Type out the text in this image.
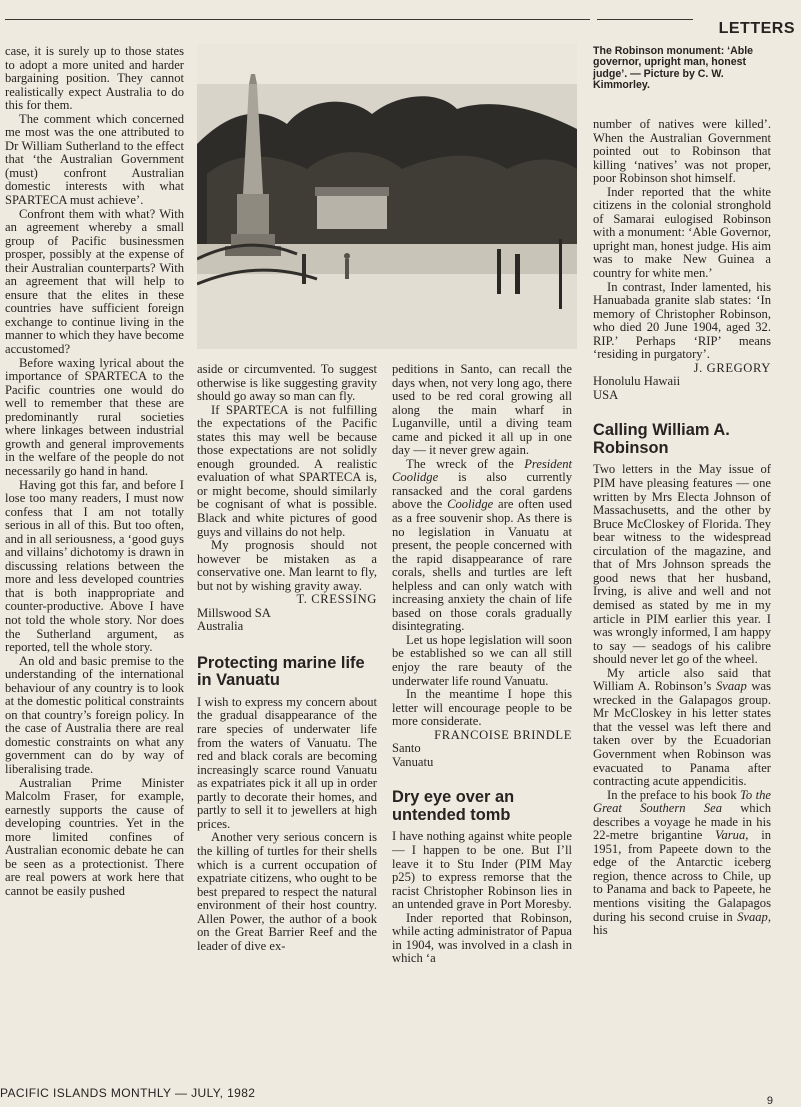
LETTERS

case, it is surely up to those states to adopt a more united and harder bargaining position. They cannot realistically expect Australia to do this for them.

The comment which concerned me most was the one attributed to Dr William Sutherland to the effect that ‘the Australian Government (must) confront Australian domestic interests with what SPARTECA must achieve’.

Confront them with what? With an agreement whereby a small group of Pacific businessmen prosper, possibly at the expense of their Australian counterparts? With an agreement that will help to ensure that the elites in these countries have sufficient foreign exchange to continue living in the manner to which they have become accustomed?

Before waxing lyrical about the importance of SPARTECA to the Pacific countries one would do well to remember that these are predominantly rural societies where linkages between industrial growth and general improvements in the welfare of the people do not necessarily go hand in hand.

Having got this far, and before I lose too many readers, I must now confess that I am not totally serious in all of this. But too often, and in all seriousness, a ‘good guys and villains’ dichotomy is drawn in discussing relations between the more and less developed countries that is both inappropriate and counter-productive. Above I have not told the whole story. Nor does the Sutherland argument, as reported, tell the whole story.

An old and basic premise to the understanding of the international behaviour of any country is to look at the domestic political constraints on that country’s foreign policy. In the case of Australia there are real domestic constraints on what any government can do by way of liberalising trade.

Australian Prime Minister Malcolm Fraser, for example, earnestly supports the cause of developing countries. Yet in the more limited confines of Australian economic debate he can be seen as a protectionist. There are real powers at work here that cannot be easily pushed

The Robinson monument: ‘Able governor, upright man, honest judge’. — Picture by C. W. Kimmorley.

aside or circumvented. To suggest otherwise is like suggesting gravity should go away so man can fly.

If SPARTECA is not fulfilling the expectations of the Pacific states this may well be because those expectations are not solidly enough grounded. A realistic evaluation of what SPARTECA is, or might become, should similarly be cognisant of what is possible. Black and white pictures of good guys and villains do not help.

My prognosis should not however be mistaken as a conservative one. Man learnt to fly, but not by wishing gravity away.

T. CRESSING

Millswood SA

Australia

Protecting marine life in Vanuatu

I wish to express my concern about the gradual disappearance of the rare species of underwater life from the waters of Vanuatu. The red and black corals are becoming increasingly scarce round Vanuatu as expatriates pick it all up in order partly to decorate their homes, and partly to sell it to jewellers at high prices.

Another very serious concern is the killing of turtles for their shells which is a current occupation of expatriate citizens, who ought to be best prepared to respect the natural environment of their host country. Allen Power, the author of a book on the Great Barrier Reef and the leader of dive ex-

peditions in Santo, can recall the days when, not very long ago, there used to be red coral growing all along the main wharf in Luganville, until a diving team came and picked it all up in one day — it never grew again.

The wreck of the President Coolidge is also currently ransacked and the coral gardens above the Coolidge are often used as a free souvenir shop. As there is no legislation in Vanuatu at present, the people concerned with the rapid disappearance of rare corals, shells and turtles are left helpless and can only watch with increasing anxiety the chain of life based on those corals gradually disintegrating.

Let us hope legislation will soon be established so we can all still enjoy the rare beauty of the underwater life round Vanuatu.

In the meantime I hope this letter will encourage people to be more considerate.

FRANCOISE BRINDLE

Santo

Vanuatu

Dry eye over an untended tomb

I have nothing against white people — I happen to be one. But I’ll leave it to Stu Inder (PIM May p25) to express remorse that the racist Christopher Robinson lies in an untended grave in Port Moresby.

Inder reported that Robinson, while acting administrator of Papua in 1904, was involved in a clash in which ‘a

number of natives were killed’. When the Australian Government pointed out to Robinson that killing ‘natives’ was not proper, poor Robinson shot himself.

Inder reported that the white citizens in the colonial stronghold of Samarai eulogised Robinson with a monument: ‘Able Governor, upright man, honest judge. His aim was to make New Guinea a country for white men.’

In contrast, Inder lamented, his Hanuabada granite slab states: ‘In memory of Christopher Robinson, who died 20 June 1904, aged 32. RIP.’ Perhaps ‘RIP’ means ‘residing in purgatory’.

J. GREGORY

Honolulu Hawaii

USA

Calling William A. Robinson

Two letters in the May issue of PIM have pleasing features — one written by Mrs Electa Johnson of Massachusetts, and the other by Bruce McCloskey of Florida. They bear witness to the widespread circulation of the magazine, and that of Mrs Johnson spreads the good news that her husband, Irving, is alive and well and not demised as stated by me in my article in PIM earlier this year. I was wrongly informed, I am happy to say — seadogs of his calibre should never let go of the wheel.

My article also said that William A. Robinson’s Svaap was wrecked in the Galapagos group. Mr McCloskey in his letter states that the vessel was left there and taken over by the Ecuadorian Government when Robinson was evacuated to Panama after contracting acute appendicitis.

In the preface to his book To the Great Southern Sea which describes a voyage he made in his 22-metre brigantine Varua, in 1951, from Papeete down to the edge of the Antarctic iceberg region, thence across to Chile, up to Panama and back to Papeete, he mentions visiting the Galapagos during his second cruise in Svaap, his

PACIFIC ISLANDS MONTHLY — JULY, 1982
9
